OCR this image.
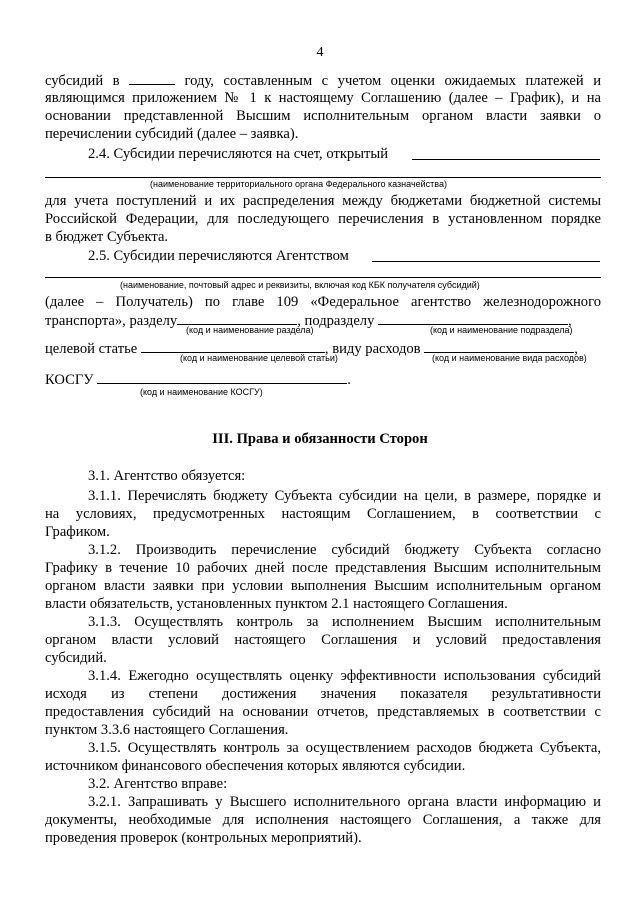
4
субсидий в	году, составленным с учетом оценки ожидаемых платежей и
являющимся приложением № 1 к настоящему Соглашению (далее – График), и на
основании представленной Высшим исполнительным органом власти заявки о
перечислении субсидий (далее – заявка).
2.4. Субсидии перечисляются на счет, открытый
(наименование территориального органа Федерального казначейства)
для учета поступлений и их распределения между бюджетами бюджетной системы
Российской Федерации, для последующего перечисления в установленном порядке
в бюджет Субъекта.
2.5. Субсидии перечисляются Агентством
(наименование, почтовый адрес и реквизиты, включая код КБК получателя субсидий)
(далее – Получатель) по главе 109 «Федеральное агентство железнодорожного
транспорта», разделу	, подразделу	,
(код и наименование раздела)	(код и наименование подраздела)
целевой статье	, виду расходов	,
(код и наименование целевой статьи)	(код и наименование вида расходов)
КОСГУ	.
(код и наименование КОСГУ)
III. Права и обязанности Сторон
3.1. Агентство обязуется:
3.1.1. Перечислять бюджету Субъекта субсидии на цели, в размере, порядке и
на условиях, предусмотренных настоящим Соглашением, в соответствии с
Графиком.
3.1.2. Производить перечисление субсидий бюджету Субъекта согласно
Графику в течение 10 рабочих дней после представления Высшим исполнительным
органом власти заявки при условии выполнения Высшим исполнительным органом
власти обязательств, установленных пунктом 2.1 настоящего Соглашения.
3.1.3. Осуществлять контроль за исполнением Высшим исполнительным
органом власти условий настоящего Соглашения и условий предоставления
субсидий.
3.1.4. Ежегодно осуществлять оценку эффективности использования субсидий
исходя из степени достижения значения показателя результативности
предоставления субсидий на основании отчетов, представляемых в соответствии с
пунктом 3.3.6 настоящего Соглашения.
3.1.5. Осуществлять контроль за осуществлением расходов бюджета Субъекта,
источником финансового обеспечения которых являются субсидии.
3.2. Агентство вправе:
3.2.1. Запрашивать у Высшего исполнительного органа власти информацию и
документы, необходимые для исполнения настоящего Соглашения, а также для
проведения проверок (контрольных мероприятий).
